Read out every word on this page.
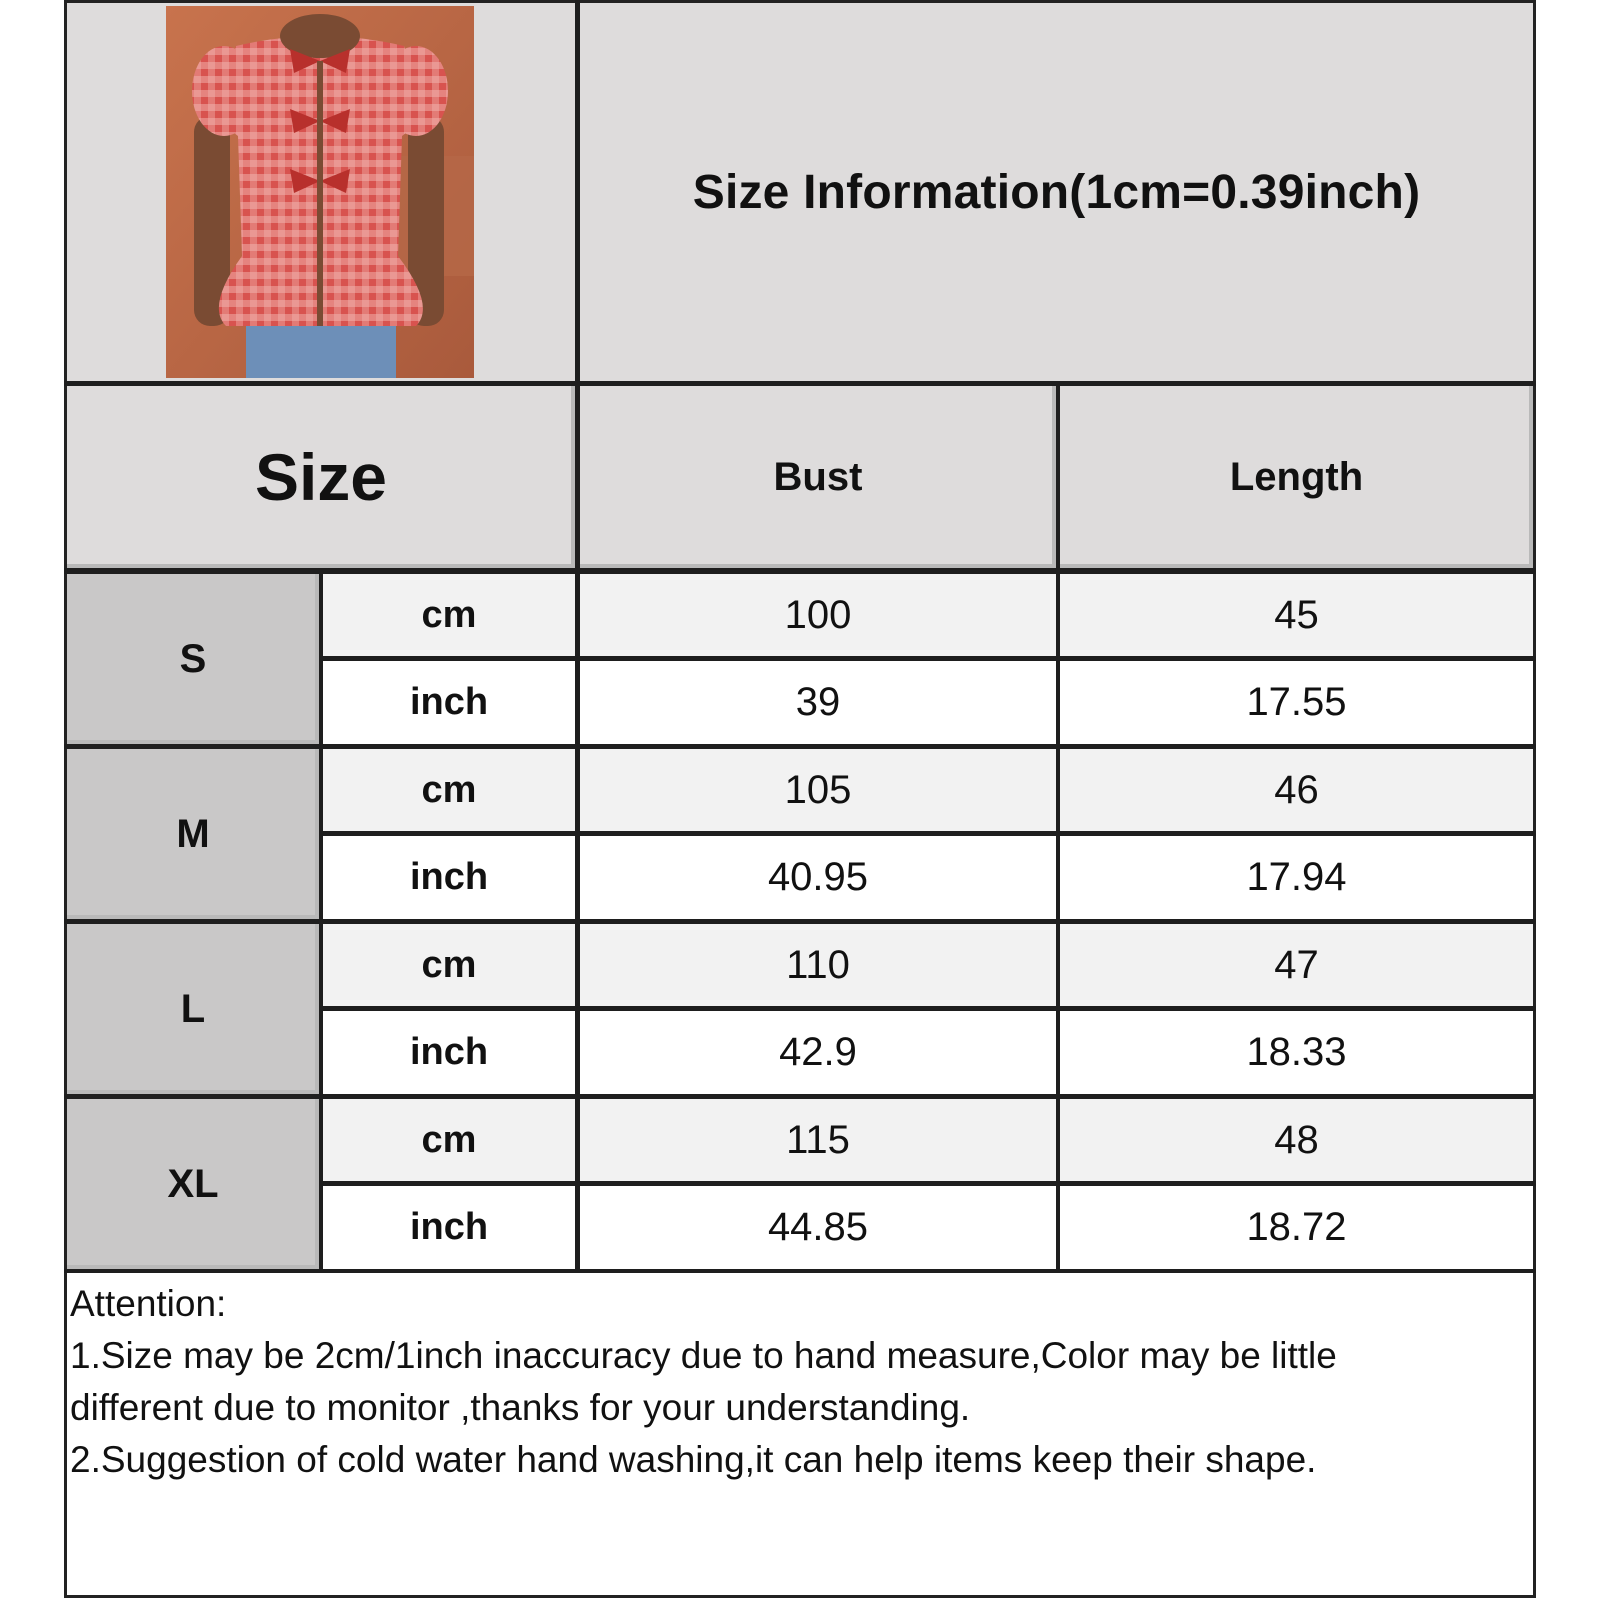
Size Information(1cm=0.39inch)
Size	Bust	Length
S
cm	100	45
inch	39	17.55
M
cm	105	46
inch	40.95	17.94
L
cm	110	47
inch	42.9	18.33
XL
cm	115	48
inch	44.85	18.72
Attention:
1.Size may be 2cm/1inch inaccuracy due to hand measure,Color may be little
different due to monitor ,thanks for your understanding.
2.Suggestion of cold water hand washing,it can help items keep their shape.
